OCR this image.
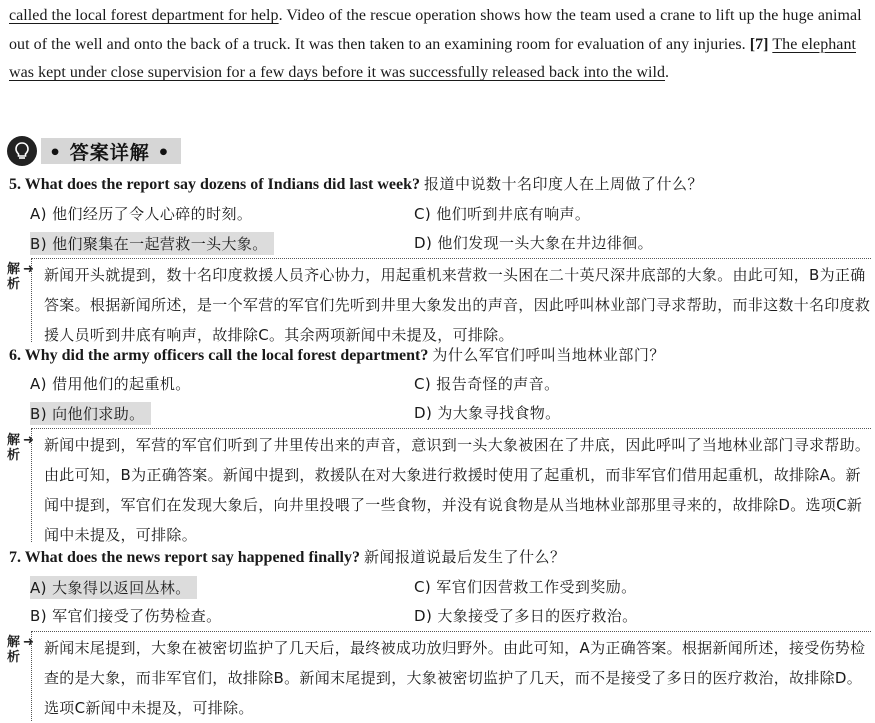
called the local forest department for help. Video of the rescue operation shows how the team used a crane to lift up the huge animal out of the well and onto the back of a truck. It was then taken to an examining room for evaluation of any injuries. [7] The elephant was kept under close supervision for a few days before it was successfully released back into the wild.
• 答案详解 •
5. What does the report say dozens of Indians did last week? 报道中说数十名印度人在上周做了什么？
A) 他们经历了令人心碎的时刻。	C) 他们听到井底有响声。
B) 他们聚集在一起营救一头大象。	D) 他们发现一头大象在井边徘徊。
解析
➜ 新闻开头就提到，数十名印度救援人员齐心协力，用起重机来营救一头困在二十英尺深井底部的大象。由此可知，B为正确答案。根据新闻所述，是一个军营的军官们先听到井里大象发出的声音，因此呼叫林业部门寻求帮助，而非这数十名印度救援人员听到井底有响声，故排除C。其余两项新闻中未提及，可排除。
6. Why did the army officers call the local forest department? 为什么军官们呼叫当地林业部门？
A) 借用他们的起重机。	C) 报告奇怪的声音。
B) 向他们求助。	D) 为大象寻找食物。
解析
➜ 新闻中提到，军营的军官们听到了井里传出来的声音，意识到一头大象被困在了井底，因此呼叫了当地林业部门寻求帮助。由此可知，B为正确答案。新闻中提到，救援队在对大象进行救援时使用了起重机，而非军官们借用起重机，故排除A。新闻中提到，军官们在发现大象后，向井里投喂了一些食物，并没有说食物是从当地林业部那里寻来的，故排除D。选项C新闻中未提及，可排除。
7. What does the news report say happened finally? 新闻报道说最后发生了什么？
A) 大象得以返回丛林。	C) 军官们因营救工作受到奖励。
B) 军官们接受了伤势检查。	D) 大象接受了多日的医疗救治。
解析
➜ 新闻末尾提到，大象在被密切监护了几天后，最终被成功放归野外。由此可知，A为正确答案。根据新闻所述，接受伤势检查的是大象，而非军官们，故排除B。新闻末尾提到，大象被密切监护了几天，而不是接受了多日的医疗救治，故排除D。选项C新闻中未提及，可排除。
